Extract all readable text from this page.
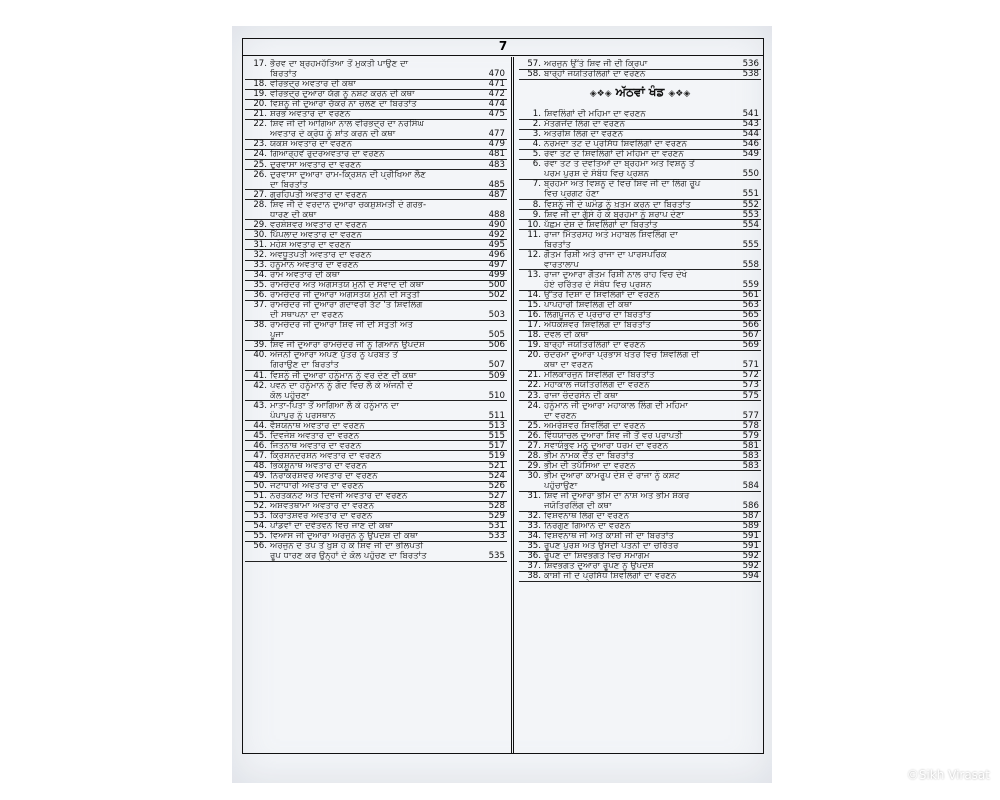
7
17. ਭੈਰਵ ਦਾ ਬ੍ਰਹਮਹੱਤਿਆ ਤੋਂ ਮੁਕਤੀ ਪਾਉਣ ਦਾ
ਬਿਰਤਾਂਤ	470
18. ਵੀਰਭਦ੍ਰ ਅਵਤਾਰ ਦੀ ਕਥਾ	471
19. ਵੀਰਭਦ੍ਰ ਦੁਆਰਾ ਯੱਗ ਨੂੰ ਨਸ਼ਟ ਕਰਨ ਦੀ ਕਥਾ	472
20. ਵਿਸ਼ਨੂੰ ਜੀ ਦੁਆਰਾ ਚੱਕਰ ਨਾ ਚਲਣ ਦਾ ਬਿਰਤਾਂਤ	474
21. ਸ਼ਰਭ ਅਵਤਾਰ ਦਾ ਵਰਣਨ	475
22. ਸ਼ਿਵ ਜੀ ਦੀ ਆਗਿਆ ਨਾਲ ਵੀਰਭਦ੍ਰ ਦਾ ਨਰਸਿੰਘ
ਅਵਤਾਰ ਦੇ ਕ੍ਰੋਧ ਨੂੰ ਸ਼ਾਂਤ ਕਰਨ ਦੀ ਕਥਾ	477
23. ਯਕਸ਼ ਅਵਤਾਰ ਦਾ ਵਰਣਨ	479
24. ਗਿਆਰ੍ਹਵੇਂ ਰੁਦਰਅਵਤਾਰ ਦਾ ਵਰਣਨ	481
25. ਦੁਰਵਾਸਾ ਅਵਤਾਰ ਦਾ ਵਰਣਨ	483
26. ਦੁਰਵਾਸਾ ਦੁਆਰਾ ਰਾਮ-ਕ੍ਰਿਸ਼ਨ ਦੀ ਪ੍ਰੀਖਿਆ ਲੈਣ
ਦਾ ਬਿਰਤਾਂਤ	485
27. ਗ੍ਰਹਿਪਤੀ ਅਵਤਾਰ ਦਾ ਵਰਣਨ	487
28. ਸ਼ਿਵ ਜੀ ਦੇ ਵਰਦਾਨ ਦੁਆਰਾ ਚਕਸ਼ੁਸ਼ਮਤੀ ਦੇ ਗਰਭ-
ਧਾਰਣ ਦੀ ਕਥਾ	488
29. ਵਰਸ਼ੇਸ਼ਵਰ ਅਵਤਾਰ ਦਾ ਵਰਣਨ	490
30. ਪਿੱਪਲਾਦ ਅਵਤਾਰ ਦਾ ਵਰਣਨ	492
31. ਮਹੇਸ਼ ਅਵਤਾਰ ਦਾ ਵਰਣਨ	495
32. ਅਵਧੂਤਪਤੀ ਅਵਤਾਰ ਦਾ ਵਰਣਨ	496
33. ਹਨੂੰਮਾਨ ਅਵਤਾਰ ਦਾ ਵਰਣਨ	497
34. ਰਾਮ ਅਵਤਾਰ ਦੀ ਕਥਾ	499
35. ਰਾਮਚੰਦਰ ਅਤੇ ਅਗਸਤਯ ਮੁਨੀ ਦੇ ਸੰਵਾਦ ਦੀ ਕਥਾ	500
36. ਰਾਮਚੰਦਰ ਜੀ ਦੁਆਰਾ ਅਗਸਤਯ ਮੁਨੀ ਦੀ ਸਤੁਤੀ	502
37. ਰਾਮਚੰਦਰ ਜੀ ਦੁਆਰਾ ਗੋਦਾਵਰੀ ਤੱਟ 'ਤੇ ਸ਼ਿਵਲਿੰਗ
ਦੀ ਸਥਾਪਨਾ ਦਾ ਵਰਣਨ	503
38. ਰਾਮਚੰਦਰ ਜੀ ਦੁਆਰਾ ਸ਼ਿਵ ਜੀ ਦੀ ਸਤੁਤੀ ਅਤੇ
ਪੂਜਾ	505
39. ਸ਼ਿਵ ਜੀ ਦੁਆਰਾ ਰਾਮਚੰਦਰ ਜੀ ਨੂੰ ਗਿਆਨ ਉਪਦੇਸ਼	506
40. ਅੰਜਨੀ ਦੁਆਰਾ ਅਪਣੇ ਪੁੱਤਰ ਨੂੰ ਪਰਬਤ ਤੋਂ
ਗਿਰਾਉਣ ਦਾ ਬਿਰਤਾਂਤ	507
41. ਵਿਸ਼ਨੂੰ ਜੀ ਦੁਆਰਾ ਹਨੂੰਮਾਨ ਨੂੰ ਵਰ ਦੇਣ ਦੀ ਕਥਾ	509
42. ਪਵਨ ਦਾ ਹਨੂੰਮਾਨ ਨੂੰ ਗੋਦ ਵਿਚ ਲੈ ਕੇ ਅੰਜਨੀ ਦੇ
ਕੋਲ ਪਹੁੰਚਣਾ	510
43. ਮਾਤਾ-ਪਿਤਾ ਤੋਂ ਆਗਿਆ ਲੈ ਕੇ ਹਨੂੰਮਾਨ ਦਾ
ਪੰਪਾਪੁਰ ਨੂੰ ਪ੍ਰਸਥਾਨ	511
44. ਵੈਸ਼ਯਨਾਥ ਅਵਤਾਰ ਦਾ ਵਰਣਨ	513
45. ਦਿਵਜੇਸ਼ ਅਵਤਾਰ ਦਾ ਵਰਣਨ	515
46. ਜਿਤਨਾਥ ਅਵਤਾਰ ਦਾ ਵਰਣਨ	517
47. ਕ੍ਰਿਸ਼ਨਦਰਸ਼ਨ ਅਵਤਾਰ ਦਾ ਵਰਣਨ	519
48. ਭਿਕਸ਼ੂਨਾਥ ਅਵਤਾਰ ਦਾ ਵਰਣਨ	521
49. ਨਿਰਾਕਰੇਸ਼ਵਰ ਅਵਤਾਰ ਦਾ ਵਰਣਨ	524
50. ਜਟਾਧਾਰੀ ਅਵਤਾਰ ਦਾ ਵਰਣਨ	526
51. ਨਰਤਕਨਟ ਅਤੇ ਦਿਵਜੀ ਅਵਤਾਰ ਦਾ ਵਰਣਨ	527
52. ਅਸ਼ਵਤਥਾਮਾ ਅਵਤਾਰ ਦਾ ਵਰਣਨ	528
53. ਕਿਰਾਤੇਸ਼ਵਰ ਅਵਤਾਰ ਦਾ ਵਰਣਨ	529
54. ਪਾਂਡਵਾਂ ਦਾ ਦਵੈਤਵਨ ਵਿਚ ਜਾਣ ਦੀ ਕਥਾ	531
55. ਵਿਆਸ ਜੀ ਦੁਆਰਾ ਅਰਜੁਨ ਨੂੰ ਉਪਦੇਸ਼ ਦੀ ਕਥਾ	533
56. ਅਰਜੁਨ ਦੇ ਤਪ ਤੋਂ ਖ਼ੁਸ਼ ਹੋ ਕੇ ਸ਼ਿਵ ਜੀ ਦਾ ਭੀਲਪਤੀ
ਰੂਪ ਧਾਰਣ ਕਰ ਉਨ੍ਹਾਂ ਦੇ ਕੋਲ ਪਹੁੰਚਣ ਦਾ ਬਿਰਤਾਂਤ	535
57. ਅਰਜੁਨ ਉੱਤੇ ਸ਼ਿਵ ਜੀ ਦੀ ਕ੍ਰਿਪਾ	536
58. ਬਾਰ੍ਹਾਂ ਜਯੋਤਿਰਲਿੰਗਾਂ ਦਾ ਵਰਣਨ	538
◈❖◈ ਅੱਠਵਾਂ ਖੰਡ ◈❖◈
1. ਸ਼ਿਵਲਿੰਗਾਂ ਦੀ ਮਹਿਮਾ ਦਾ ਵਰਣਨ	541
2. ਮੱਤਗਜੇਂਦ ਲਿੰਗ ਦਾ ਵਰਣਨ	543
3. ਅਤਰੀਸ਼ ਲਿੰਗ ਦਾ ਵਰਣਨ	544
4. ਨਰਮਦਾ ਤਟ ਦੇ ਪ੍ਰਸਿੱਧ ਸ਼ਿਵਲਿੰਗਾਂ ਦਾ ਵਰਣਨ	546
5. ਰੇਵਾ ਤਟ ਦੇ ਸ਼ਿਵਲਿੰਗਾਂ ਦੀ ਮਹਿਮਾ ਦਾ ਵਰਣਨ	549
6. ਰੇਵਾ ਤਟ ਤੇ ਦੇਵਤਿਆਂ ਦਾ ਬ੍ਰਹਮਾ ਅਤੇ ਵਿਸ਼ਨੂੰ ਤੋਂ
ਪਰਮ ਪੁਰਸ਼ ਦੇ ਸੰਬੰਧ ਵਿਚ ਪ੍ਰਸ਼ਨ	550
7. ਬ੍ਰਹਮਾ ਅਤੇ ਵਿਸ਼ਨੂੰ ਦੇ ਵਿਚ ਸ਼ਿਵ ਜੀ ਦਾ ਲਿੰਗ ਰੂਪ
ਵਿਚ ਪ੍ਰਗਟ ਹੋਣਾ	551
8. ਵਿਸ਼ਨੂੰ ਜੀ ਦੇ ਘਮੰਡ ਨੂੰ ਖ਼ਤਮ ਕਰਨ ਦਾ ਬਿਰਤਾਂਤ	552
9. ਸ਼ਿਵ ਜੀ ਦਾ ਗੁੱਸੇ ਹੋ ਕੇ ਬ੍ਰਹਮਾ ਨੂੰ ਸ਼ਰਾਪ ਦੇਣਾ	553
10. ਪੱਛਮ ਦੇਸ਼ ਦੇ ਸ਼ਿਵਲਿੰਗਾਂ ਦਾ ਬਿਰਤਾਂਤ	554
11. ਰਾਜਾ ਮਿੱਤਰਸਹ ਅਤੇ ਮਹਾਬਲ ਸ਼ਿਵਲਿੰਗ ਦਾ
ਬਿਰਤਾਂਤ	555
12. ਗੌਤਮ ਰਿਸ਼ੀ ਅਤੇ ਰਾਜਾ ਦਾ ਪਾਰਸਪਰਿਕ
ਵਾਰਤਾਲਾਪ	558
13. ਰਾਜਾ ਦੁਆਰਾ ਗੌਤਮ ਰਿਸ਼ੀ ਨਾਲ ਰਾਹ ਵਿਚ ਦੇਖੇ
ਹੋਏ ਚਰਿੱਤਰ ਦੇ ਸੰਬੰਧ ਵਿਚ ਪ੍ਰਸ਼ਨ	559
14. ਉੱਤਰ ਦਿਸ਼ਾ ਦੇ ਸ਼ਿਵਲਿੰਗਾਂ ਦਾ ਵਰਣਨ	561
15. ਪਾਪਹਾਰੀ ਸ਼ਿਵਲਿੰਗ ਦੀ ਕਥਾ	563
16. ਲਿੰਗਪੂਜਨ ਦੇ ਪ੍ਰਚਾਰ ਦਾ ਬਿਰਤਾਂਤ	565
17. ਅੰਧਕੇਸ਼ਵਰ ਸ਼ਿਵਲਿੰਗ ਦਾ ਬਿਰਤਾਂਤ	566
18. ਦੇਵਲ ਦੀ ਕਥਾ	567
19. ਬਾਰ੍ਹਾਂ ਜਯੋਤਿਰਲਿੰਗਾਂ ਦਾ ਵਰਣਨ	569
20. ਚੰਦਰਮਾ ਦੁਆਰਾ ਪ੍ਰਭਾਸ ਖੇਤਰ ਵਿਚ ਸ਼ਿਵਲਿੰਗ ਦੀ
ਕਥਾ ਦਾ ਵਰਣਨ	571
21. ਮਲਿਕਾਰਜੁਨ ਸ਼ਿਵਲਿੰਗ ਦਾ ਬਿਰਤਾਂਤ	572
22. ਮਹਾਕਾਲ ਜਯੋਤਿਰਲਿੰਗ ਦਾ ਵਰਣਨ	573
23. ਰਾਜਾ ਚੰਦਰਸੇਨ ਦੀ ਕਥਾ	575
24. ਹਨੂੰਮਾਨ ਜੀ ਦੁਆਰਾ ਮਹਾਕਾਲ ਲਿੰਗ ਦੀ ਮਹਿਮਾ
ਦਾ ਵਰਣਨ	577
25. ਅਮਰੇਸ਼ਵਰ ਸ਼ਿਵਲਿੰਗ ਦਾ ਵਰਣਨ	578
26. ਵਿੰਧਯਾਚਲ ਦੁਆਰਾ ਸ਼ਿਵ ਜੀ ਤੋਂ ਵਰ ਪ੍ਰਾਪਤੀ	579
27. ਸਵਾਯੰਭੁਵ ਮਨੂ ਦੁਆਰਾ ਧਰਮ ਦਾ ਵਰਣਨ	581
28. ਭੀਮ ਨਾਮਕ ਦੈਂਤ ਦਾ ਬਿਰਤਾਂਤ	583
29. ਭੀਮ ਦੀ ਤਪੱਸਿਆ ਦਾ ਵਰਣਨ	583
30. ਭੀਮ ਦੁਆਰਾ ਕਾਮਰੂਪ ਦੇਸ਼ ਦੇ ਰਾਜਾ ਨੂੰ ਕਸ਼ਟ
ਪਹੁੰਚਾਉਣਾ	584
31. ਸ਼ਿਵ ਜੀ ਦੁਆਰਾ ਭੀਮ ਦਾ ਨਾਸ਼ ਅਤੇ ਭੀਮ ਸ਼ੰਕਰ
ਜਯੋਤਿਰਲਿੰਗ ਦੀ ਕਥਾ	586
32. ਵਿਸ਼ਵਨਾਥ ਲਿੰਗ ਦਾ ਵਰਣਨ	587
33. ਨਿਰਗੁਣ ਗਿਆਨ ਦਾ ਵਰਣਨ	589
34. ਵਿਸ਼ਵਨਾਥ ਜੀ ਅਤੇ ਕਾਸ਼ੀ ਜੀ ਦਾ ਬਿਰਤਾਂਤ	591
35. ਰੂਪਣ ਪੁਰਸ਼ ਅਤੇ ਉਸਦੀ ਪਤਨੀ ਦਾ ਚਰਿੱਤਰ	591
36. ਰੂਪਣ ਦਾ ਸ਼ਿਵਭਗਤ ਵਿਚ ਸਮਾਗਮ	592
37. ਸ਼ਿਵਭਗਤ ਦੁਆਰਾ ਰੂਪਣ ਨੂੰ ਉਪਦੇਸ਼	592
38. ਕਾਸ਼ੀ ਜੀ ਦੇ ਪ੍ਰਸਿੱਧ ਸ਼ਿਵਲਿੰਗਾਂ ਦਾ ਵਰਣਨ	594
©Sikh Virasat
